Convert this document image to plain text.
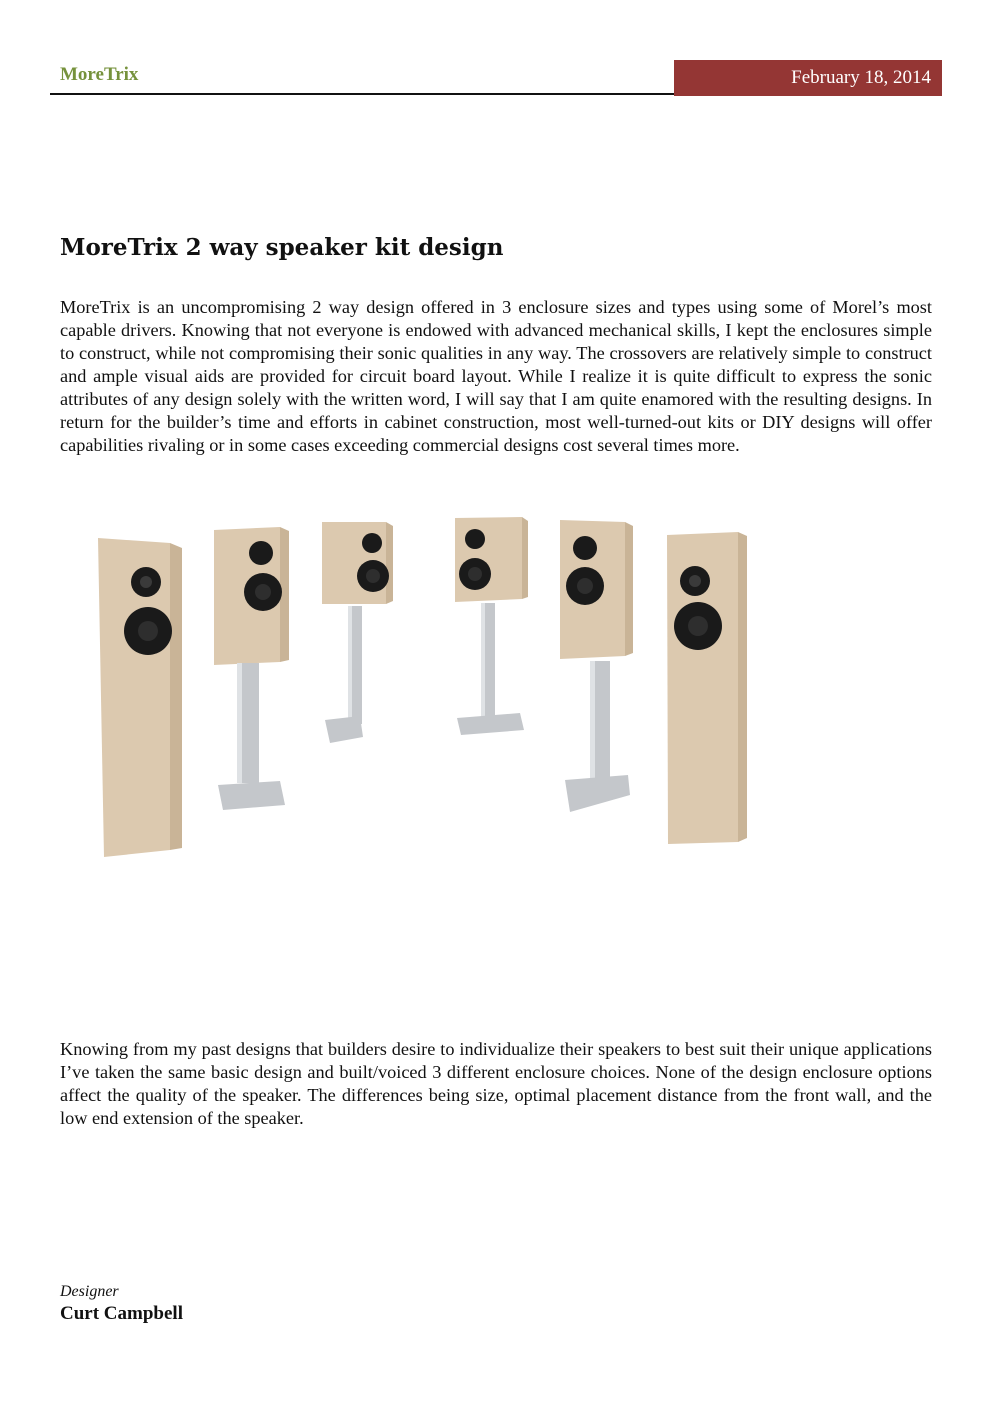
MoreTrix	February 18, 2014
MoreTrix 2 way speaker kit design

MoreTrix is an uncompromising 2 way design offered in 3 enclosure sizes and types using some of Morel’s most capable drivers. Knowing that not everyone is endowed with advanced mechanical skills, I kept the enclosures simple to construct, while not compromising their sonic qualities in any way. The crossovers are relatively simple to construct and ample visual aids are provided for circuit board layout. While I realize it is quite difficult to express the sonic attributes of any design solely with the written word, I will say that I am quite enamored with the resulting designs. In return for the builder’s time and efforts in cabinet construction, most well-turned-out kits or DIY designs will offer capabilities rivaling or in some cases exceeding commercial designs cost several times more.

Knowing from my past designs that builders desire to individualize their speakers to best suit their unique applications I’ve taken the same basic design and built/voiced 3 different enclosure choices. None of the design enclosure options affect the quality of the speaker. The differences being size, optimal placement distance from the front wall, and the low end extension of the speaker.

Designer
Curt Campbell
